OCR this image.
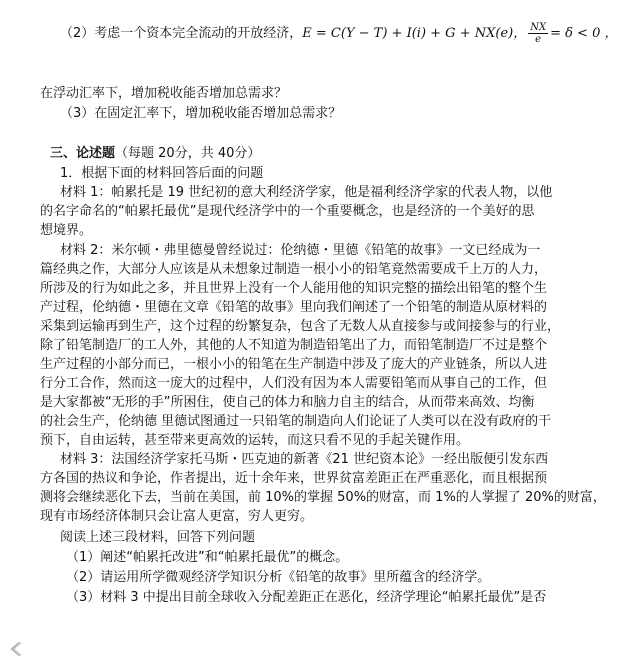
（2）考虑一个资本完全流动的开放经济，E = C(Y − T) + I(i) + G + NX(e)， $\frac{NX}{e} = \delta < 0$ ，
在浮动汇率下，增加税收能否增加总需求？
（3）在固定汇率下，增加税收能否增加总需求？
三、论述题（每题 20分，共 40分）
1．根据下面的材料回答后面的问题
材料 1：帕累托是 19 世纪初的意大利经济学家，他是福利经济学家的代表人物，以他
的名字命名的“帕累托最优”是现代经济学中的一个重要概念，也是经济的一个美好的思
想境界。
材料 2：米尔顿・弗里德曼曾经说过：伦纳德・里德《铅笔的故事》一文已经成为一
篇经典之作，大部分人应该是从未想象过制造一根小小的铅笔竟然需要成千上万的人力，
所涉及的行为如此之多，并且世界上没有一个人能用他的知识完整的描绘出铅笔的整个生
产过程，伦纳德・里德在文章《铅笔的故事》里向我们阐述了一个铅笔的制造从原材料的
采集到运输再到生产，这个过程的纷繁复杂，包含了无数人从直接参与或间接参与的行业，
除了铅笔制造厂的工人外，其他的人不知道为制造铅笔出了力，而铅笔制造厂不过是整个
生产过程的小部分而已，一根小小的铅笔在生产制造中涉及了庞大的产业链条，所以人进
行分工合作，然而这一庞大的过程中，人们没有因为本人需要铅笔而从事自己的工作，但
是大家都被“无形的手”所困住，使自己的体力和脑力自主的结合，从而带来高效、均衡
的社会生产，伦纳德 里德试图通过一只铅笔的制造向人们论证了人类可以在没有政府的干
预下，自由运转，甚至带来更高效的运转，而这只看不见的手起关键作用。
材料 3：法国经济学家托马斯・匹克迪的新著《21 世纪资本论》一经出版便引发东西
方各国的热议和争论，作者提出，近十余年来，世界贫富差距正在严重恶化，而且根据预
测将会继续恶化下去，当前在美国，前 10%的掌握 50%的财富，而 1%的人掌握了 20%的财富，
现有市场经济体制只会让富人更富，穷人更穷。
阅读上述三段材料，回答下列问题
（1）阐述“帕累托改进”和“帕累托最优”的概念。
（2）请运用所学微观经济学知识分析《铅笔的故事》里所蕴含的经济学。
（3）材料 3 中提出目前全球收入分配差距正在恶化，经济学理论“帕累托最优”是否
